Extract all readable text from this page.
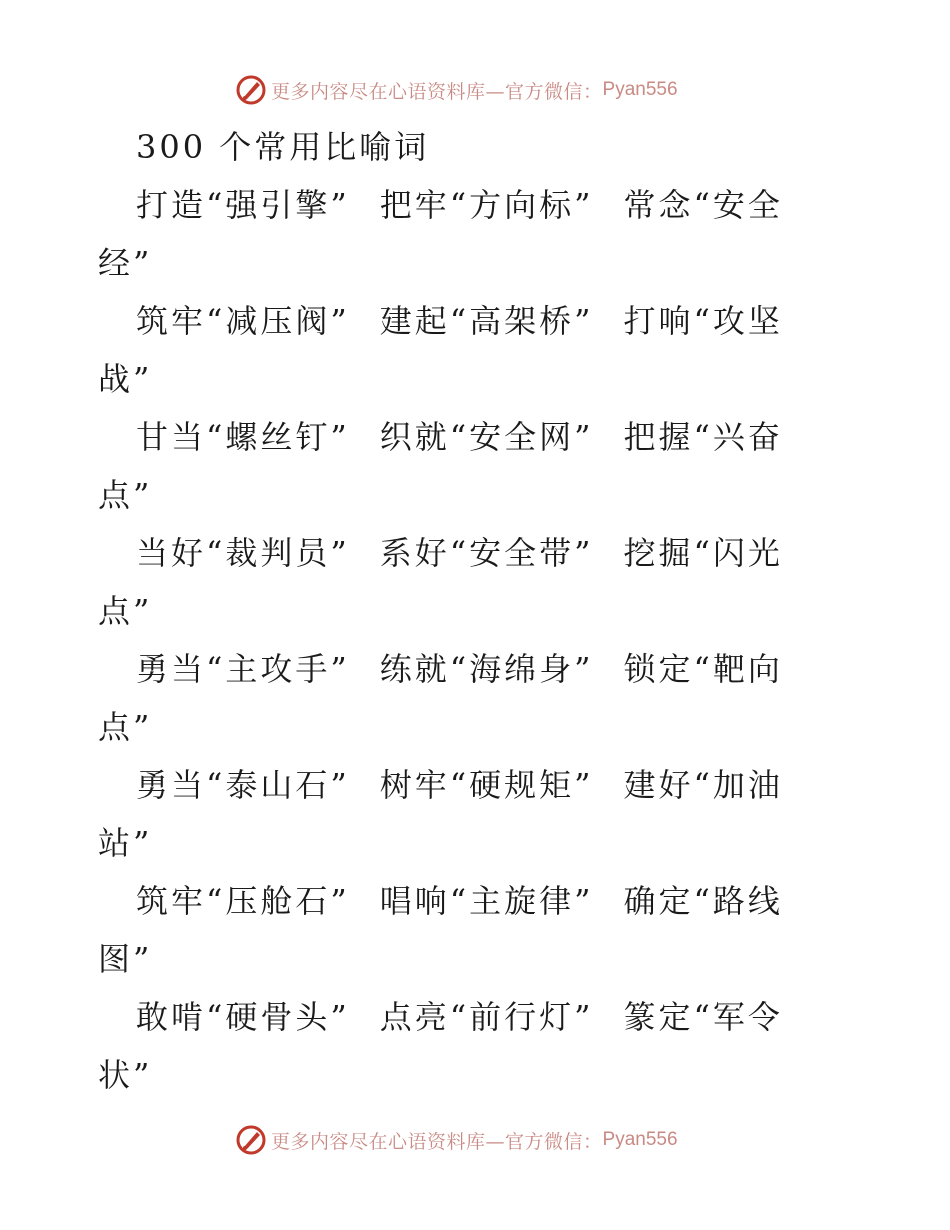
更多内容尽在心语资料库—官方微信： Pyan556
300 个常用比喻词
打造“强引擎” 把牢“方向标” 常念“安全
经”
筑牢“减压阀” 建起“高架桥” 打响“攻坚
战”
甘当“螺丝钉” 织就“安全网” 把握“兴奋
点”
当好“裁判员” 系好“安全带” 挖掘“闪光
点”
勇当“主攻手” 练就“海绵身” 锁定“靶向
点”
勇当“泰山石” 树牢“硬规矩” 建好“加油
站”
筑牢“压舱石” 唱响“主旋律” 确定“路线
图”
敢啃“硬骨头” 点亮“前行灯” 篆定“军令
状”
更多内容尽在心语资料库—官方微信： Pyan556
